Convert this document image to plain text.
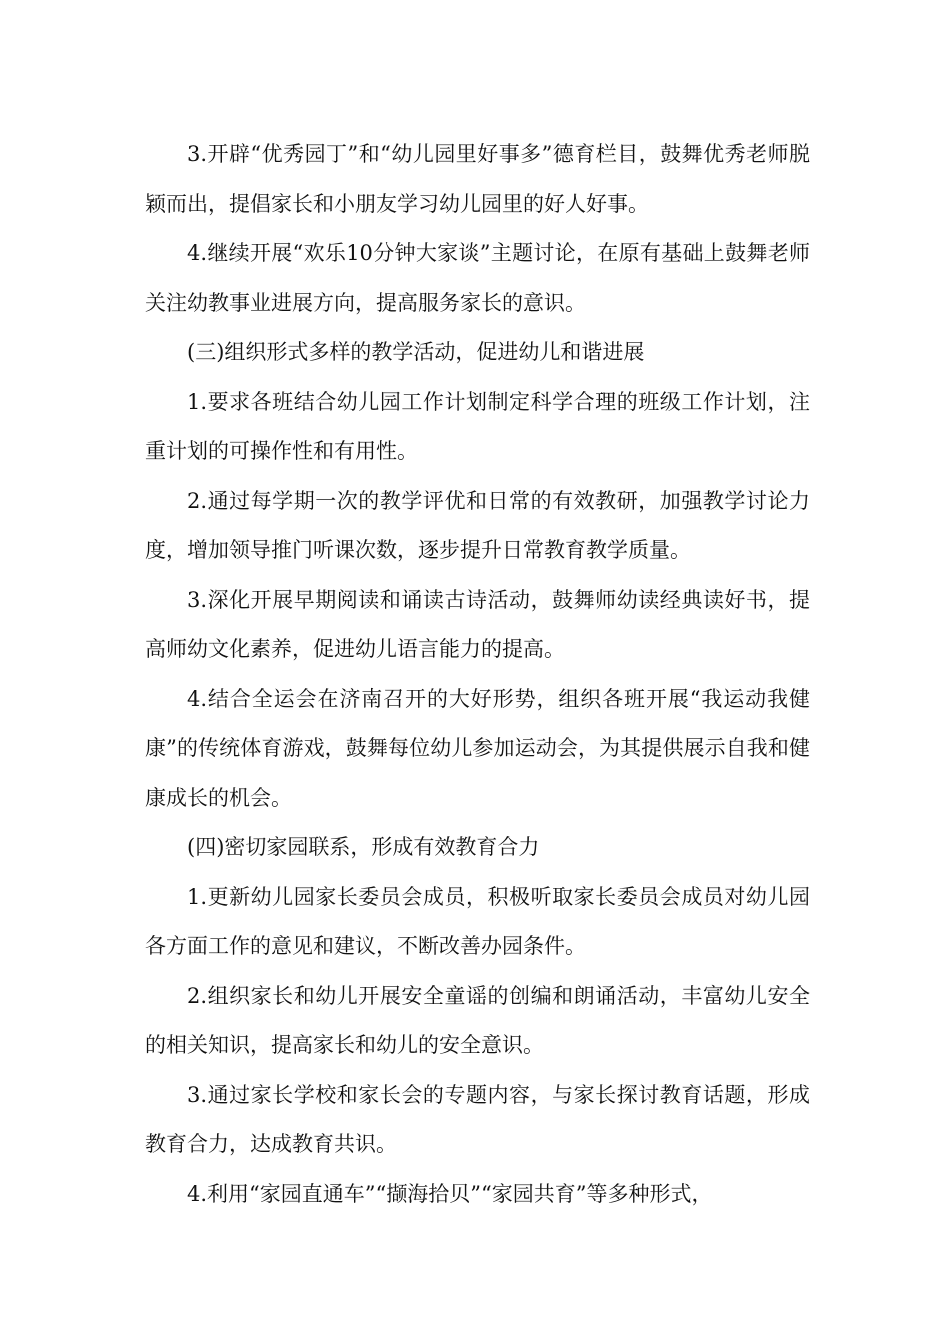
3.开辟“优秀园丁”和“幼儿园里好事多”德育栏目，鼓舞优秀老师脱颖而出，提倡家长和小朋友学习幼儿园里的好人好事。

4.继续开展“欢乐10分钟大家谈”主题讨论，在原有基础上鼓舞老师关注幼教事业进展方向，提高服务家长的意识。

(三)组织形式多样的教学活动，促进幼儿和谐进展

1.要求各班结合幼儿园工作计划制定科学合理的班级工作计划，注重计划的可操作性和有用性。

2.通过每学期一次的教学评优和日常的有效教研，加强教学讨论力度，增加领导推门听课次数，逐步提升日常教育教学质量。

3.深化开展早期阅读和诵读古诗活动，鼓舞师幼读经典读好书，提高师幼文化素养，促进幼儿语言能力的提高。

4.结合全运会在济南召开的大好形势，组织各班开展“我运动我健康”的传统体育游戏，鼓舞每位幼儿参加运动会，为其提供展示自我和健康成长的机会。

(四)密切家园联系，形成有效教育合力

1.更新幼儿园家长委员会成员，积极听取家长委员会成员对幼儿园各方面工作的意见和建议，不断改善办园条件。

2.组织家长和幼儿开展安全童谣的创编和朗诵活动，丰富幼儿安全的相关知识，提高家长和幼儿的安全意识。

3.通过家长学校和家长会的专题内容，与家长探讨教育话题，形成教育合力，达成教育共识。

4.利用“家园直通车”“撷海拾贝”“家园共育”等多种形式，
